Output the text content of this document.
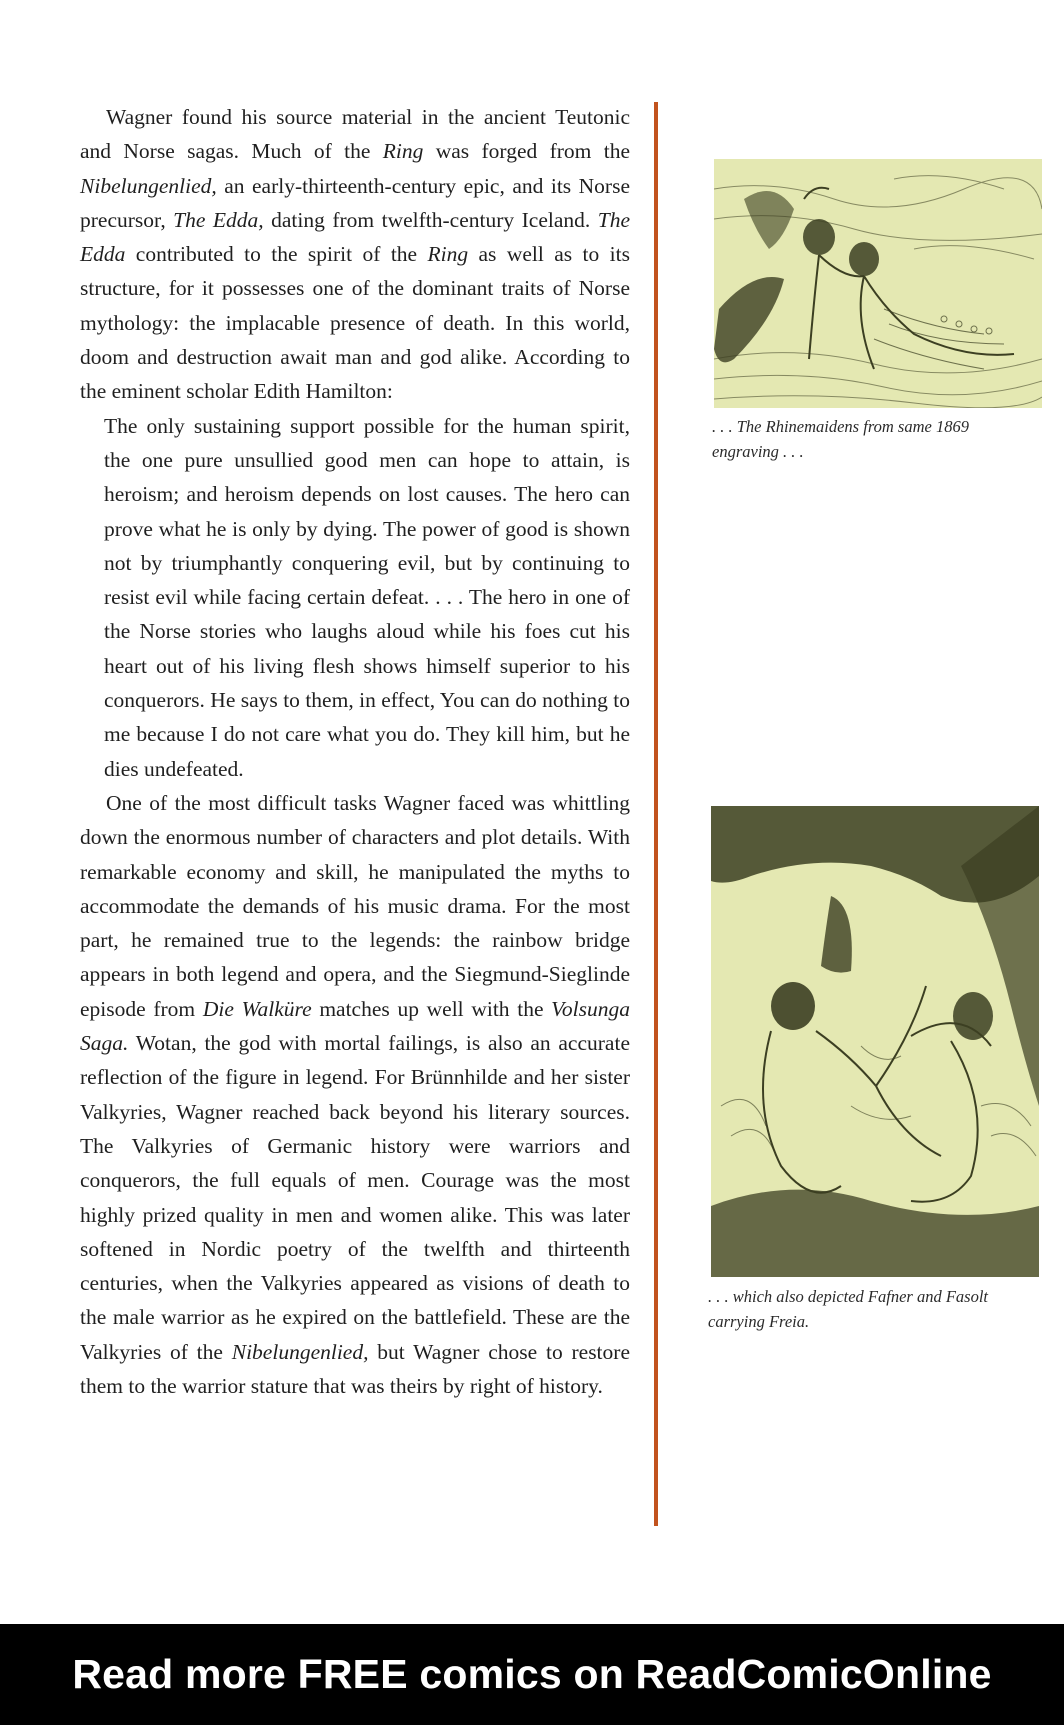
Wagner found his source material in the ancient Teutonic and Norse sagas. Much of the Ring was forged from the Nibelungenlied, an early-thirteenth-century epic, and its Norse precursor, The Edda, dating from twelfth-century Iceland. The Edda contributed to the spirit of the Ring as well as to its structure, for it possesses one of the dominant traits of Norse mythology: the implacable presence of death. In this world, doom and destruction await man and god alike. According to the eminent scholar Edith Hamilton:

The only sustaining support possible for the human spirit, the one pure unsullied good men can hope to attain, is heroism; and heroism depends on lost causes. The hero can prove what he is only by dying. The power of good is shown not by triumphantly conquering evil, but by continuing to resist evil while facing certain defeat. . . . The hero in one of the Norse stories who laughs aloud while his foes cut his heart out of his living flesh shows himself superior to his conquerors. He says to them, in effect, You can do nothing to me because I do not care what you do. They kill him, but he dies undefeated.

One of the most difficult tasks Wagner faced was whittling down the enormous number of characters and plot details. With remarkable economy and skill, he manipulated the myths to accommodate the demands of his music drama. For the most part, he remained true to the legends: the rainbow bridge appears in both legend and opera, and the Siegmund-Sieglinde episode from Die Walküre matches up well with the Volsunga Saga. Wotan, the god with mortal failings, is also an accurate reflection of the figure in legend. For Brünnhilde and her sister Valkyries, Wagner reached back beyond his literary sources. The Valkyries of Germanic history were warriors and conquerors, the full equals of men. Courage was the most highly prized quality in men and women alike. This was later softened in Nordic poetry of the twelfth and thirteenth centuries, when the Valkyries appeared as visions of death to the male warrior as he expired on the battlefield. These are the Valkyries of the Nibelungenlied, but Wagner chose to restore them to the warrior stature that was theirs by right of history.

. . . The Rhinemaidens from same 1869 engraving . . .
. . . which also depicted Fafner and Fasolt carrying Freia.
Read more FREE comics on ReadComicOnline
